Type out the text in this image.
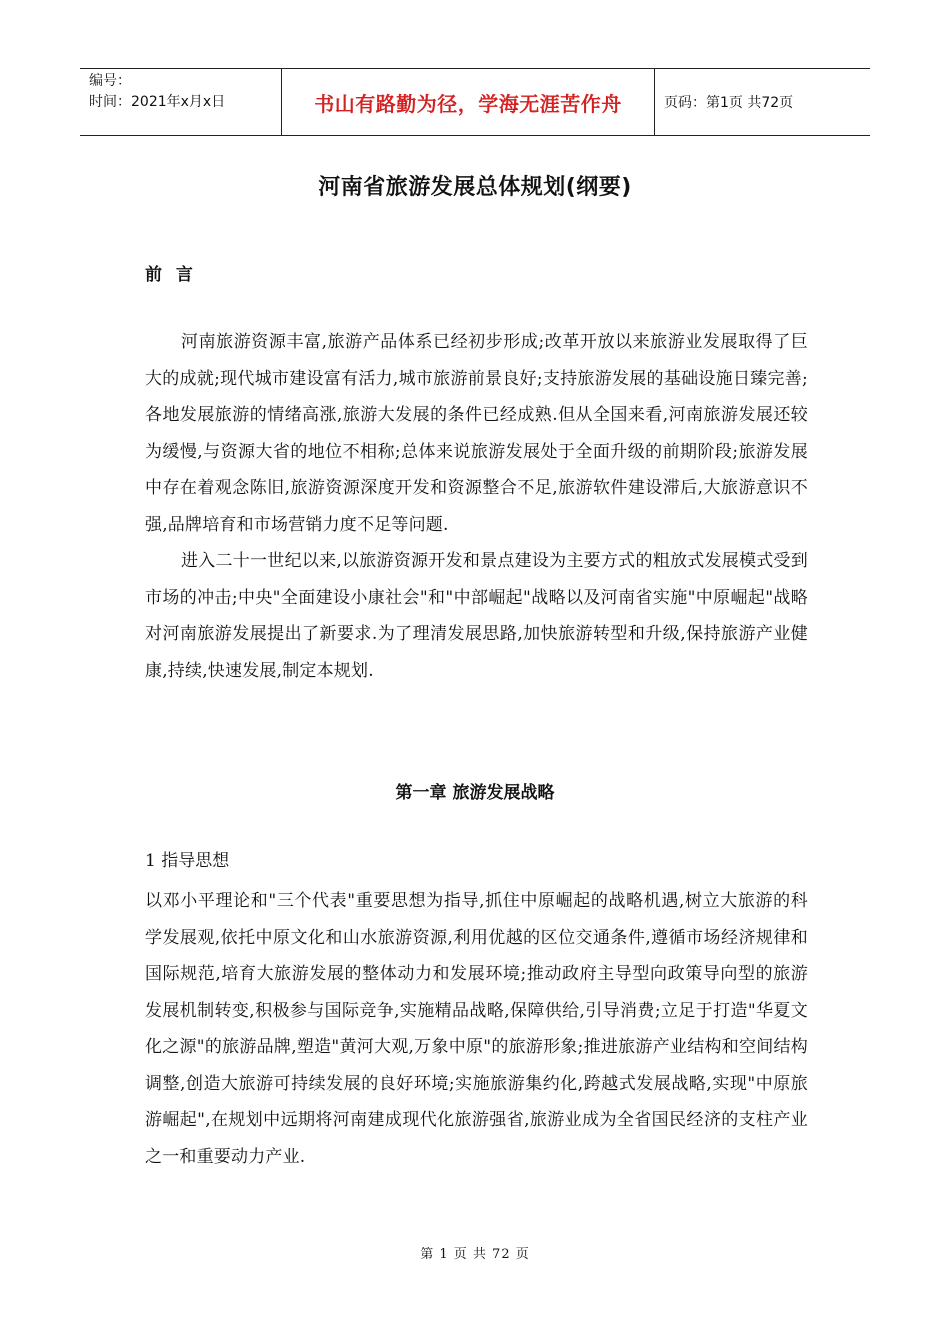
编号：
时间：2021年x月x日	书山有路勤为径，学海无涯苦作舟	页码：第1页 共72页
河南省旅游发展总体规划(纲要)
前 言

河南旅游资源丰富,旅游产品体系已经初步形成;改革开放以来旅游业发展取得了巨大的成就;现代城市建设富有活力,城市旅游前景良好;支持旅游发展的基础设施日臻完善;各地发展旅游的情绪高涨,旅游大发展的条件已经成熟.但从全国来看,河南旅游发展还较为缓慢,与资源大省的地位不相称;总体来说旅游发展处于全面升级的前期阶段;旅游发展中存在着观念陈旧,旅游资源深度开发和资源整合不足,旅游软件建设滞后,大旅游意识不强,品牌培育和市场营销力度不足等问题.

进入二十一世纪以来,以旅游资源开发和景点建设为主要方式的粗放式发展模式受到市场的冲击;中央"全面建设小康社会"和"中部崛起"战略以及河南省实施"中原崛起"战略对河南旅游发展提出了新要求.为了理清发展思路,加快旅游转型和升级,保持旅游产业健康,持续,快速发展,制定本规划.

第一章 旅游发展战略
1 指导思想

以邓小平理论和"三个代表"重要思想为指导,抓住中原崛起的战略机遇,树立大旅游的科学发展观,依托中原文化和山水旅游资源,利用优越的区位交通条件,遵循市场经济规律和国际规范,培育大旅游发展的整体动力和发展环境;推动政府主导型向政策导向型的旅游发展机制转变,积极参与国际竞争,实施精品战略,保障供给,引导消费;立足于打造"华夏文化之源"的旅游品牌,塑造"黄河大观,万象中原"的旅游形象;推进旅游产业结构和空间结构调整,创造大旅游可持续发展的良好环境;实施旅游集约化,跨越式发展战略,实现"中原旅游崛起",在规划中远期将河南建成现代化旅游强省,旅游业成为全省国民经济的支柱产业之一和重要动力产业.

第 1 页 共 72 页
